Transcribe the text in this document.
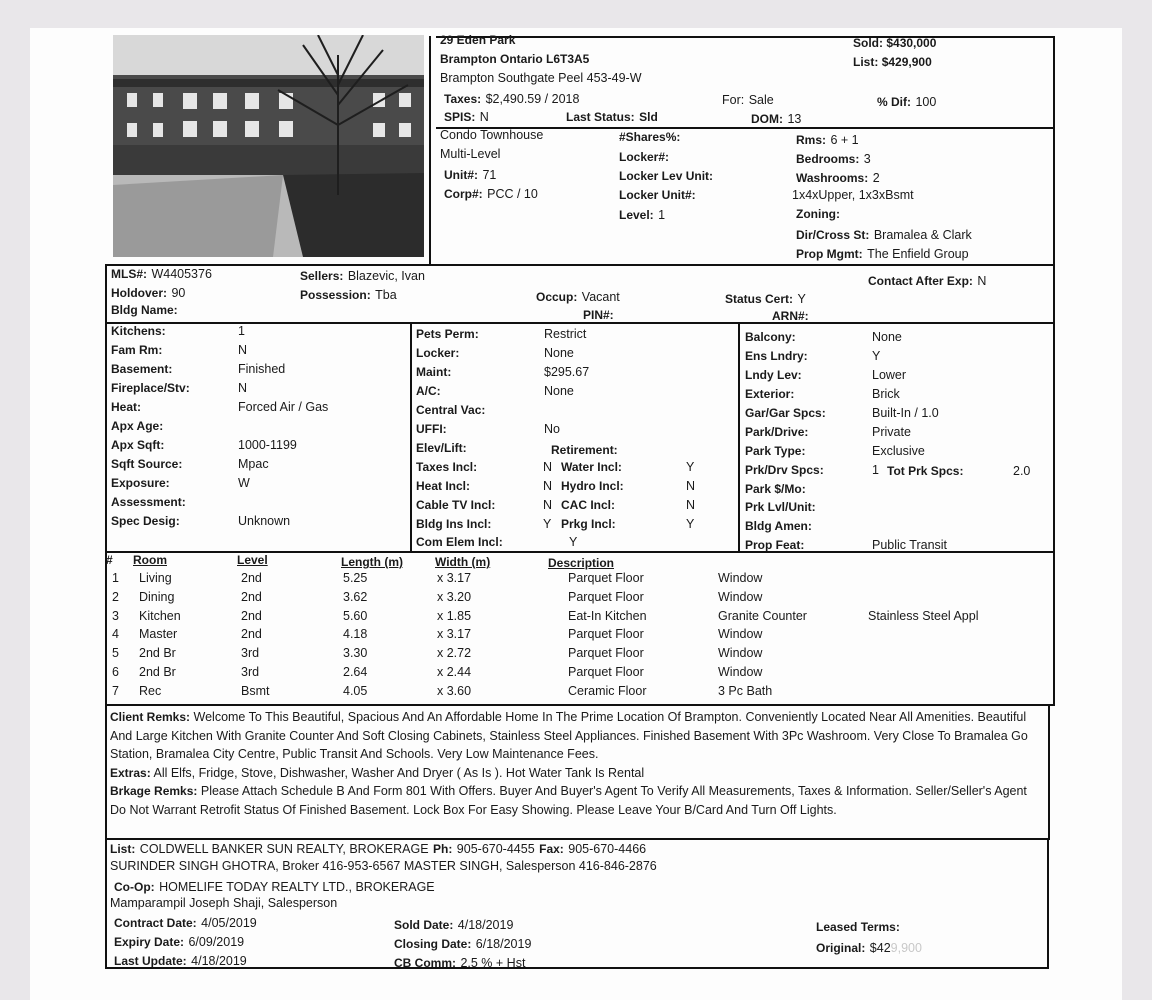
29 Eden Park
Brampton Ontario L6T3A5
Brampton Southgate Peel 453-49-W
Taxes: $2,490.59 / 2018
SPIS: N	Last Status: Sld
For: Sale
DOM: 13
Sold: $430,000
List: $429,900
% Dif: 100
Condo Townhouse
Multi-Level
Unit#: 71
Corp#: PCC / 10
#Shares%:
Locker#:
Locker Lev Unit:
Locker Unit#:
Level: 1
Rms: 6 + 1
Bedrooms: 3
Washrooms: 2
1x4xUpper, 1x3xBsmt
Zoning:
Dir/Cross St: Bramalea & Clark
Prop Mgmt: The Enfield Group
MLS#: W4405376
Holdover: 90
Bldg Name:
Sellers: Blazevic, Ivan
Possession: Tba	Occup: Vacant
PIN#:
Status Cert: Y
ARN#:
Contact After Exp: N
Kitchens:	1
Fam Rm:	N
Basement:	Finished
Fireplace/Stv:	N
Heat:	Forced Air / Gas
Apx Age:
Apx Sqft:	1000-1199
Sqft Source:	Mpac
Exposure:	W
Assessment:
Spec Desig:	Unknown
Pets Perm:	Restrict
Locker:	None
Maint:	$295.67
A/C:	None
Central Vac:
UFFI:	No
Elev/Lift:	Retirement:
Taxes Incl:	N Water Incl:	Y
Heat Incl:	N Hydro Incl:	N
Cable TV Incl:	N CAC Incl:	N
Bldg Ins Incl:	Y Prkg Incl:	Y
Com Elem Incl:	Y
Balcony:	None
Ens Lndry:	Y
Lndy Lev:	Lower
Exterior:	Brick
Gar/Gar Spcs:	Built-In / 1.0
Park/Drive:	Private
Park Type:	Exclusive
Prk/Drv Spcs:	1 Tot Prk Spcs:	2.0
Park $/Mo:
Prk Lvl/Unit:
Bldg Amen:
Prop Feat:	Public Transit
# Room	Level	Length (m)	Width (m)	Description
1 Living	2nd	5.25	x 3.17	Parquet Floor	Window
2 Dining	2nd	3.62	x 3.20	Parquet Floor	Window
3 Kitchen	2nd	5.60	x 1.85	Eat-In Kitchen	Granite Counter	Stainless Steel Appl
4 Master	2nd	4.18	x 3.17	Parquet Floor	Window
5 2nd Br	3rd	3.30	x 2.72	Parquet Floor	Window
6 2nd Br	3rd	2.64	x 2.44	Parquet Floor	Window
7 Rec	Bsmt	4.05	x 3.60	Ceramic Floor	3 Pc Bath
Client Remks: Welcome To This Beautiful, Spacious And An Affordable Home In The Prime Location Of Brampton. Conveniently Located Near All Amenities. Beautiful And Large Kitchen With Granite Counter And Soft Closing Cabinets, Stainless Steel Appliances. Finished Basement With 3Pc Washroom. Very Close To Bramalea Go Station, Bramalea City Centre, Public Transit And Schools. Very Low Maintenance Fees.
Extras: All Elfs, Fridge, Stove, Dishwasher, Washer And Dryer ( As Is ). Hot Water Tank Is Rental
Brkage Remks: Please Attach Schedule B And Form 801 With Offers. Buyer And Buyer's Agent To Verify All Measurements, Taxes & Information. Seller/Seller's Agent Do Not Warrant Retrofit Status Of Finished Basement. Lock Box For Easy Showing. Please Leave Your B/Card And Turn Off Lights.
List: COLDWELL BANKER SUN REALTY, BROKERAGE Ph: 905-670-4455 Fax: 905-670-4466
SURINDER SINGH GHOTRA, Broker 416-953-6567 MASTER SINGH, Salesperson 416-846-2876
Co-Op: HOMELIFE TODAY REALTY LTD., BROKERAGE
Mamparampil Joseph Shaji, Salesperson
Contract Date: 4/05/2019
Expiry Date: 6/09/2019
Last Update: 4/18/2019
Sold Date: 4/18/2019
Closing Date: 6/18/2019
CB Comm: 2.5 % + Hst
Leased Terms:
Original: $429,900
